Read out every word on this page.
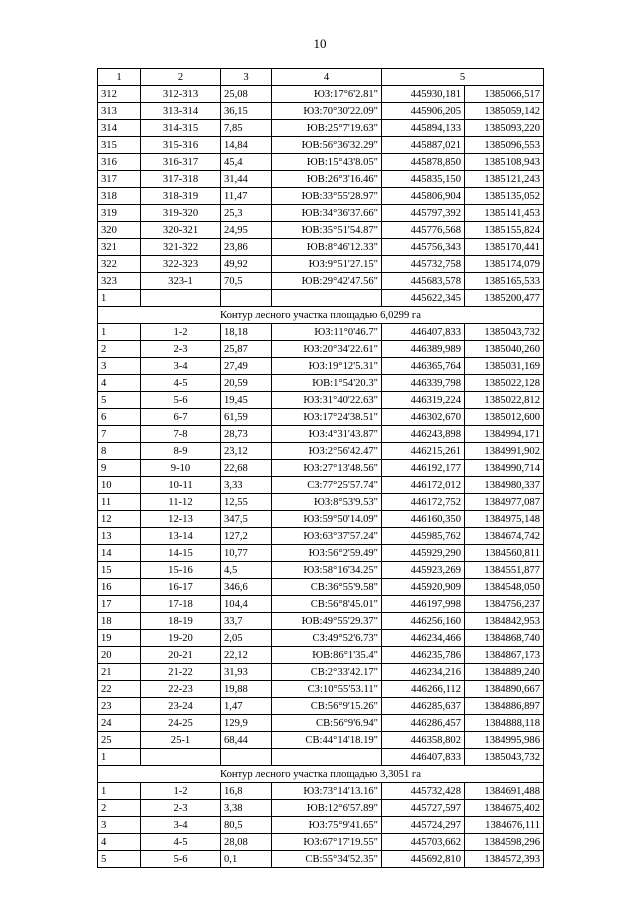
10
1	2	3	4	5	
312	312-313	25,08	ЮЗ:17°6'2.81"	445930,181	1385066,517
313	313-314	36,15	ЮЗ:70°30'22.09"	445906,205	1385059,142
314	314-315	7,85	ЮВ:25°7'19.63"	445894,133	1385093,220
315	315-316	14,84	ЮВ:56°36'32.29"	445887,021	1385096,553
316	316-317	45,4	ЮВ:15°43'8.05"	445878,850	1385108,943
317	317-318	31,44	ЮВ:26°3'16.46"	445835,150	1385121,243
318	318-319	11,47	ЮВ:33°55'28.97"	445806,904	1385135,052
319	319-320	25,3	ЮВ:34°36'37.66"	445797,392	1385141,453
320	320-321	24,95	ЮВ:35°51'54.87"	445776,568	1385155,824
321	321-322	23,86	ЮВ:8°46'12.33"	445756,343	1385170,441
322	322-323	49,92	ЮЗ:9°51'27.15"	445732,758	1385174,079
323	323-1	70,5	ЮВ:29°42'47.56"	445683,578	1385165,533
1				445622,345	1385200,477
Контур лесного участка площадью 6,0299 га					
1	1-2	18,18	ЮЗ:11°0'46.7"	446407,833	1385043,732
2	2-3	25,87	ЮЗ:20°34'22.61"	446389,989	1385040,260
3	3-4	27,49	ЮЗ:19°12'5.31"	446365,764	1385031,169
4	4-5	20,59	ЮВ:1°54'20.3"	446339,798	1385022,128
5	5-6	19,45	ЮЗ:31°40'22.63"	446319,224	1385022,812
6	6-7	61,59	ЮЗ:17°24'38.51"	446302,670	1385012,600
7	7-8	28,73	ЮЗ:4°31'43.87"	446243,898	1384994,171
8	8-9	23,12	ЮЗ:2°56'42.47"	446215,261	1384991,902
9	9-10	22,68	ЮЗ:27°13'48.56"	446192,177	1384990,714
10	10-11	3,33	СЗ:77°25'57.74"	446172,012	1384980,337
11	11-12	12,55	ЮЗ:8°53'9.53"	446172,752	1384977,087
12	12-13	347,5	ЮЗ:59°50'14.09"	446160,350	1384975,148
13	13-14	127,2	ЮЗ:63°37'57.24"	445985,762	1384674,742
14	14-15	10,77	ЮЗ:56°2'59.49"	445929,290	1384560,811
15	15-16	4,5	ЮЗ:58°16'34.25"	445923,269	1384551,877
16	16-17	346,6	СВ:36°55'9.58"	445920,909	1384548,050
17	17-18	104,4	СВ:56°8'45.01"	446197,998	1384756,237
18	18-19	33,7	ЮВ:49°55'29.37"	446256,160	1384842,953
19	19-20	2,05	СЗ:49°52'6.73"	446234,466	1384868,740
20	20-21	22,12	ЮВ:86°1'35.4"	446235,786	1384867,173
21	21-22	31,93	СВ:2°33'42.17"	446234,216	1384889,240
22	22-23	19,88	СЗ:10°55'53.11"	446266,112	1384890,667
23	23-24	1,47	СВ:56°9'15.26"	446285,637	1384886,897
24	24-25	129,9	СВ:56°9'6.94"	446286,457	1384888,118
25	25-1	68,44	СВ:44°14'18.19"	446358,802	1384995,986
1				446407,833	1385043,732
Контур лесного участка площадью 3,3051 га					
1	1-2	16,8	ЮЗ:73°14'13.16"	445732,428	1384691,488
2	2-3	3,38	ЮВ:12°6'57.89"	445727,597	1384675,402
3	3-4	80,5	ЮЗ:75°9'41.65"	445724,297	1384676,111
4	4-5	28,08	ЮЗ:67°17'19.55"	445703,662	1384598,296
5	5-6	0,1	СВ:55°34'52.35"	445692,810	1384572,393
